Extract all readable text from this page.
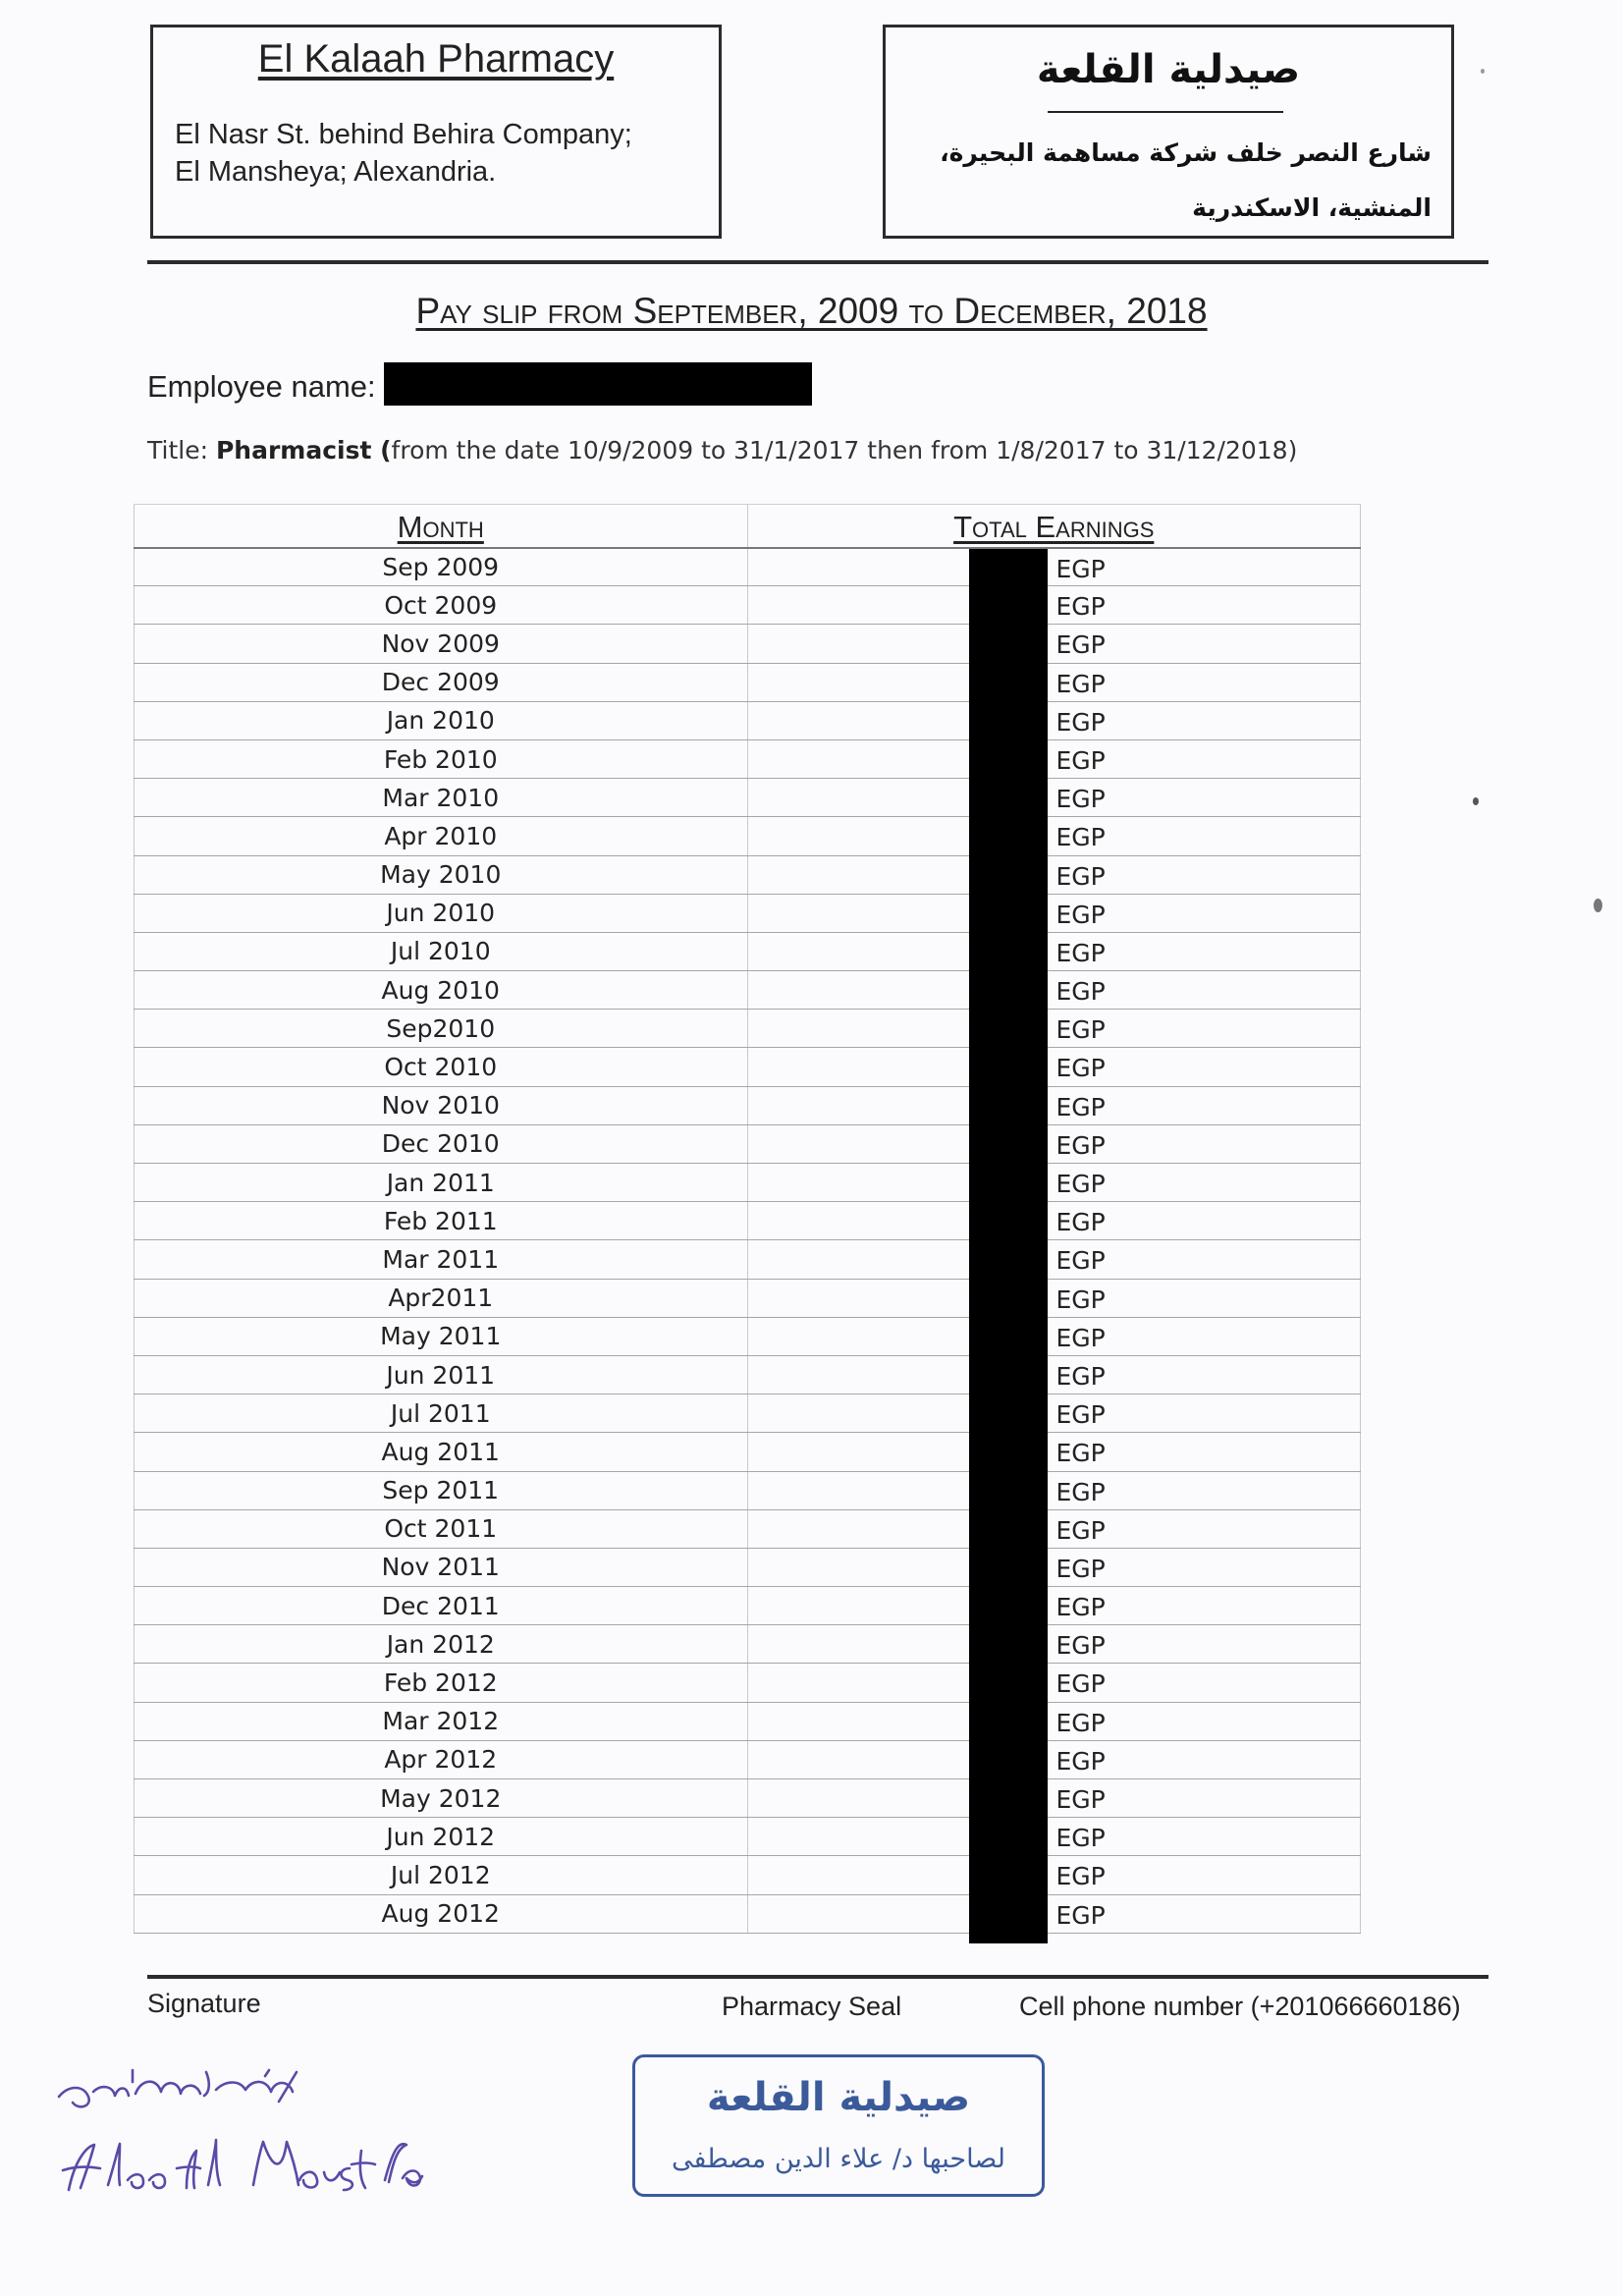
El Kalaah Pharmacy
El Nasr St. behind Behira Company;
El Mansheya; Alexandria.
صيدلية القلعة
شارع النصر خلف شركة مساهمة البحيرة، المنشية، الاسكندرية
Pay slip from September, 2009 to December, 2018
Employee name:
Title: Pharmacist (from the date 10/9/2009 to 31/1/2017 then from 1/8/2017 to 31/12/2018)
Month	Total Earnings
Sep 2009	EGP

Oct 2009	EGP

Nov 2009	EGP

Dec 2009	EGP

Jan 2010	EGP

Feb 2010	EGP

Mar 2010	EGP

Apr 2010	EGP

May 2010	EGP

Jun 2010	EGP

Jul 2010	EGP

Aug 2010	EGP

Sep2010	EGP

Oct 2010	EGP

Nov 2010	EGP

Dec 2010	EGP

Jan 2011	EGP

Feb 2011	EGP

Mar 2011	EGP

Apr2011	EGP

May 2011	EGP

Jun 2011	EGP

Jul 2011	EGP

Aug 2011	EGP

Sep 2011	EGP

Oct 2011	EGP

Nov 2011	EGP

Dec 2011	EGP

Jan 2012	EGP

Feb 2012	EGP

Mar 2012	EGP

Apr 2012	EGP

May 2012	EGP

Jun 2012	EGP

Jul 2012	EGP

Aug 2012	EGP
Signature	Pharmacy Seal	Cell phone number (+201066660186)
صيدلية القلعة
لصاحبها د/ علاء الدين مصطفى
